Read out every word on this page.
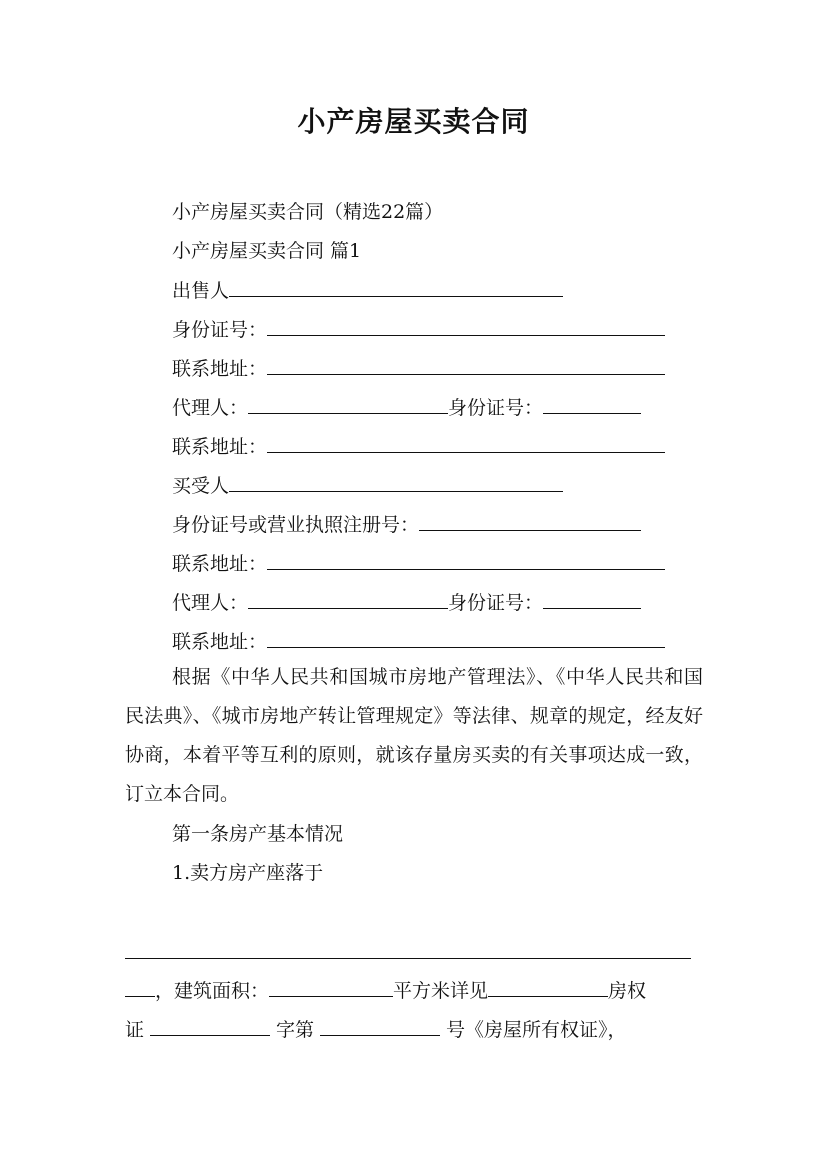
小产房屋买卖合同
小产房屋买卖合同（精选22篇）
小产房屋买卖合同 篇1
出售人
身份证号：
联系地址：
代理人：	身份证号：
联系地址：
买受人
身份证号或营业执照注册号：
联系地址：
代理人：	身份证号：
联系地址：
根据《中华人民共和国城市房地产管理法》、《中华人民共和国民法典》、《城市房地产转让管理规定》等法律、规章的规定，经友好协商，本着平等互利的原则，就该存量房买卖的有关事项达成一致，订立本合同。
第一条房产基本情况
1.卖方房产座落于
，建筑面积：	平方米详见	房权
证	字第	号《房屋所有权证》，
